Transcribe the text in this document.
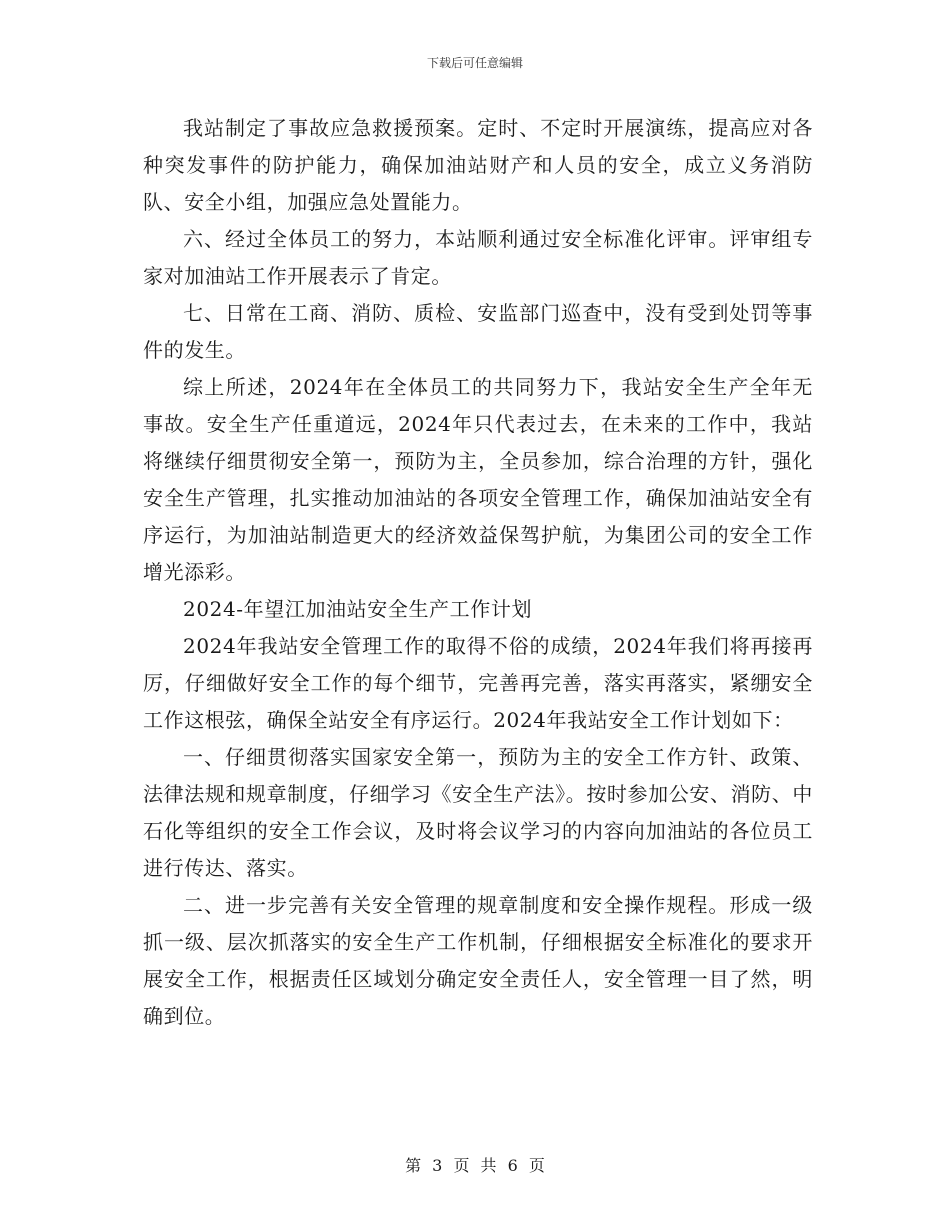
下载后可任意编辑

我站制定了事故应急救援预案。定时、不定时开展演练，提高应对各种突发事件的防护能力，确保加油站财产和人员的安全，成立义务消防队、安全小组，加强应急处置能力。

六、经过全体员工的努力，本站顺利通过安全标准化评审。评审组专家对加油站工作开展表示了肯定。

七、日常在工商、消防、质检、安监部门巡查中，没有受到处罚等事件的发生。

综上所述，2024年在全体员工的共同努力下，我站安全生产全年无事故。安全生产任重道远，2024年只代表过去，在未来的工作中，我站将继续仔细贯彻安全第一，预防为主，全员参加，综合治理的方针，强化安全生产管理，扎实推动加油站的各项安全管理工作，确保加油站安全有序运行，为加油站制造更大的经济效益保驾护航，为集团公司的安全工作增光添彩。

2024-年望江加油站安全生产工作计划

2024年我站安全管理工作的取得不俗的成绩，2024年我们将再接再厉，仔细做好安全工作的每个细节，完善再完善，落实再落实，紧绷安全工作这根弦，确保全站安全有序运行。2024年我站安全工作计划如下：

一、仔细贯彻落实国家安全第一，预防为主的安全工作方针、政策、法律法规和规章制度，仔细学习《安全生产法》。按时参加公安、消防、中石化等组织的安全工作会议，及时将会议学习的内容向加油站的各位员工进行传达、落实。

二、进一步完善有关安全管理的规章制度和安全操作规程。形成一级抓一级、层次抓落实的安全生产工作机制，仔细根据安全标准化的要求开展安全工作，根据责任区域划分确定安全责任人，安全管理一目了然，明确到位。

第 3 页 共 6 页
